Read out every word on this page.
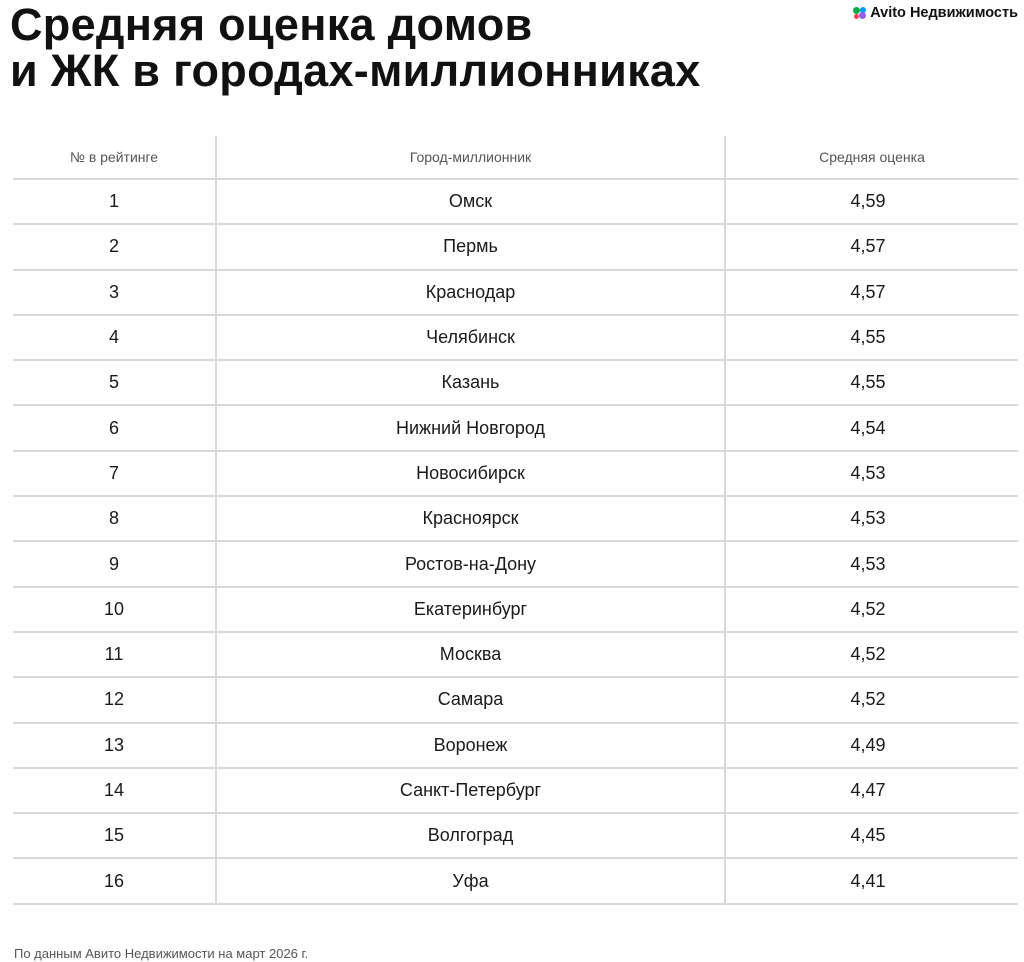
Средняя оценка домов
и ЖК в городах-миллионниках
Avito Недвижимость
№ в рейтинге	Город-миллионник	Средняя оценка
1	Омск	4,59
2	Пермь	4,57
3	Краснодар	4,57
4	Челябинск	4,55
5	Казань	4,55
6	Нижний Новгород	4,54
7	Новосибирск	4,53
8	Красноярск	4,53
9	Ростов-на-Дону	4,53
10	Екатеринбург	4,52
11	Москва	4,52
12	Самара	4,52
13	Воронеж	4,49
14	Санкт-Петербург	4,47
15	Волгоград	4,45
16	Уфа	4,41
По данным Авито Недвижимости на март 2026 г.
